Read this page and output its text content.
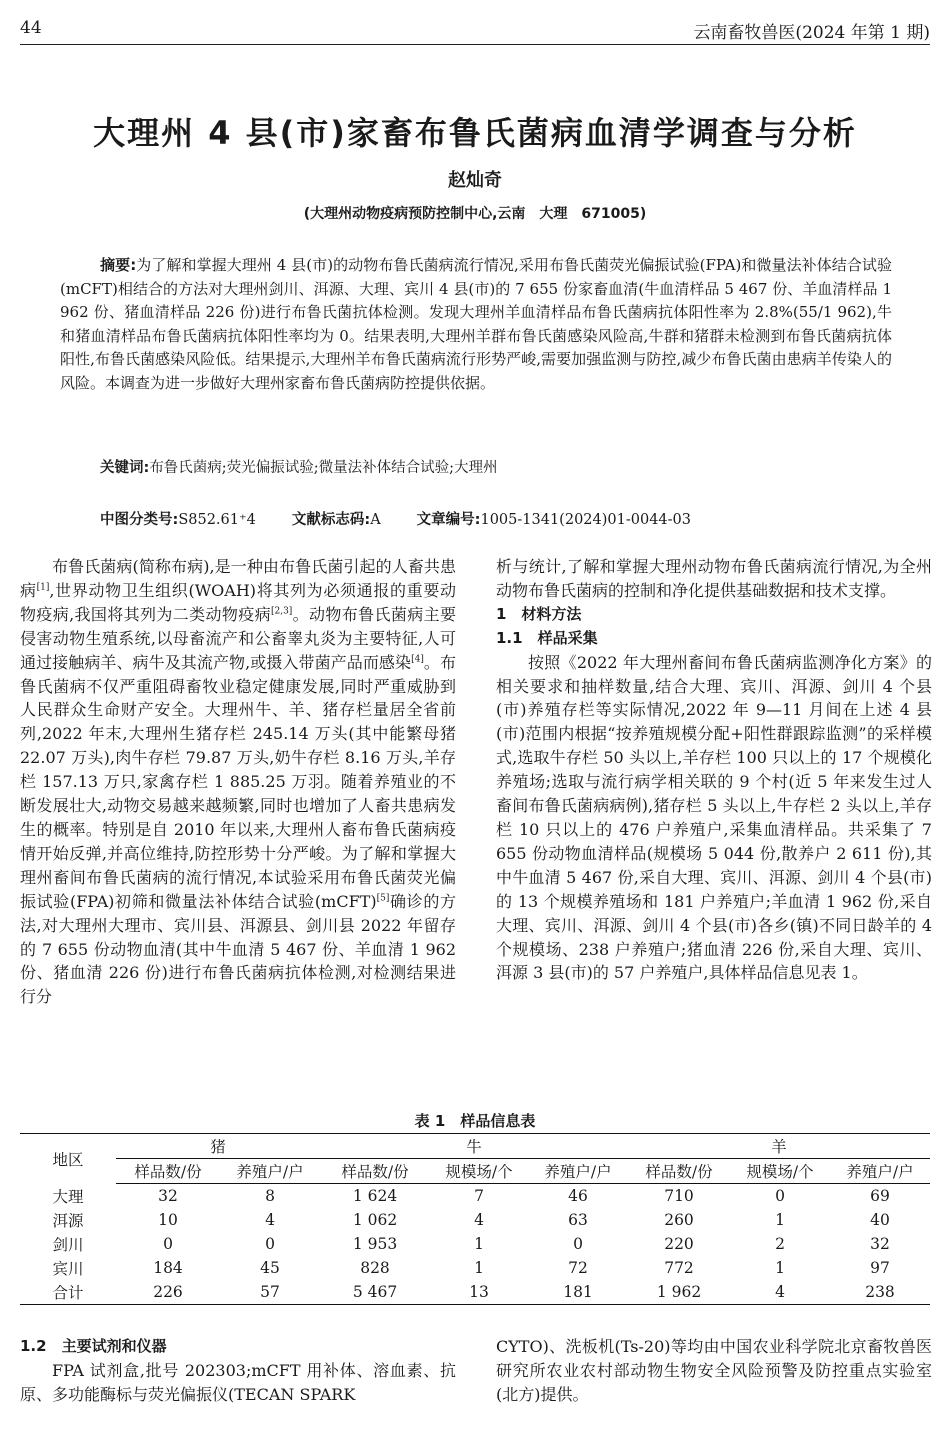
44	云南畜牧兽医(2024 年第 1 期)
大理州 4 县(市)家畜布鲁氏菌病血清学调查与分析
赵灿奇
(大理州动物疫病预防控制中心,云南　大理　671005)
摘要:为了解和掌握大理州 4 县(市)的动物布鲁氏菌病流行情况,采用布鲁氏菌荧光偏振试验(FPA)和微量法补体结合试验(mCFT)相结合的方法对大理州剑川、洱源、大理、宾川 4 县(市)的 7 655 份家畜血清(牛血清样品 5 467 份、羊血清样品 1 962 份、猪血清样品 226 份)进行布鲁氏菌抗体检测。发现大理州羊血清样品布鲁氏菌病抗体阳性率为 2.8%(55/1 962),牛和猪血清样品布鲁氏菌病抗体阳性率均为 0。结果表明,大理州羊群布鲁氏菌感染风险高,牛群和猪群未检测到布鲁氏菌病抗体阳性,布鲁氏菌感染风险低。结果提示,大理州羊布鲁氏菌病流行形势严峻,需要加强监测与防控,减少布鲁氏菌由患病羊传染人的风险。本调查为进一步做好大理州家畜布鲁氏菌病防控提供依据。
关键词:布鲁氏菌病;荧光偏振试验;微量法补体结合试验;大理州
中图分类号:S852.61⁺4 文献标志码:A 文章编号:1005-1341(2024)01-0044-03

布鲁氏菌病(简称布病),是一种由布鲁氏菌引起的人畜共患病[1],世界动物卫生组织(WOAH)将其列为必须通报的重要动物疫病,我国将其列为二类动物疫病[2,3]。动物布鲁氏菌病主要侵害动物生殖系统,以母畜流产和公畜睾丸炎为主要特征,人可通过接触病羊、病牛及其流产物,或摄入带菌产品而感染[4]。布鲁氏菌病不仅严重阻碍畜牧业稳定健康发展,同时严重威胁到人民群众生命财产安全。大理州牛、羊、猪存栏量居全省前列,2022 年末,大理州生猪存栏 245.14 万头(其中能繁母猪 22.07 万头),肉牛存栏 79.87 万头,奶牛存栏 8.16 万头,羊存栏 157.13 万只,家禽存栏 1 885.25 万羽。随着养殖业的不断发展壮大,动物交易越来越频繁,同时也增加了人畜共患病发生的概率。特别是自 2010 年以来,大理州人畜布鲁氏菌病疫情开始反弹,并高位维持,防控形势十分严峻。为了解和掌握大理州畜间布鲁氏菌病的流行情况,本试验采用布鲁氏菌荧光偏振试验(FPA)初筛和微量法补体结合试验(mCFT)[5]确诊的方法,对大理州大理市、宾川县、洱源县、剑川县 2022 年留存的 7 655 份动物血清(其中牛血清 5 467 份、羊血清 1 962 份、猪血清 226 份)进行布鲁氏菌病抗体检测,对检测结果进行分

析与统计,了解和掌握大理州动物布鲁氏菌病流行情况,为全州动物布鲁氏菌病的控制和净化提供基础数据和技术支撑。

1　材料方法

1.1　样品采集

按照《2022 年大理州畜间布鲁氏菌病监测净化方案》的相关要求和抽样数量,结合大理、宾川、洱源、剑川 4 个县(市)养殖存栏等实际情况,2022 年 9—11 月间在上述 4 县(市)范围内根据“按养殖规模分配+阳性群跟踪监测”的采样模式,选取牛存栏 50 头以上,羊存栏 100 只以上的 17 个规模化养殖场;选取与流行病学相关联的 9 个村(近 5 年来发生过人畜间布鲁氏菌病病例),猪存栏 5 头以上,牛存栏 2 头以上,羊存栏 10 只以上的 476 户养殖户,采集血清样品。共采集了 7 655 份动物血清样品(规模场 5 044 份,散养户 2 611 份),其中牛血清 5 467 份,采自大理、宾川、洱源、剑川 4 个县(市)的 13 个规模养殖场和 181 户养殖户;羊血清 1 962 份,采自大理、宾川、洱源、剑川 4 个县(市)各乡(镇)不同日龄羊的 4 个规模场、238 户养殖户;猪血清 226 份,采自大理、宾川、洱源 3 县(市)的 57 户养殖户,具体样品信息见表 1。

表 1　样品信息表
地区	猪		牛			羊		
	样品数/份	养殖户/户	样品数/份	规模场/个	养殖户/户	样品数/份	规模场/个	养殖户/户
大理	32	8	1 624	7	46	710	0	69
洱源	10	4	1 062	4	63	260	1	40
剑川	0	0	1 953	1	0	220	2	32
宾川	184	45	828	1	72	772	1	97
合计	226	57	5 467	13	181	1 962	4	238

1.2　主要试剂和仪器

FPA 试剂盒,批号 202303;mCFT 用补体、溶血素、抗原、多功能酶标与荧光偏振仪(TECAN SPARK

CYTO)、洗板机(Ts-20)等均由中国农业科学院北京畜牧兽医研究所农业农村部动物生物安全风险预警及防控重点实验室(北方)提供。
